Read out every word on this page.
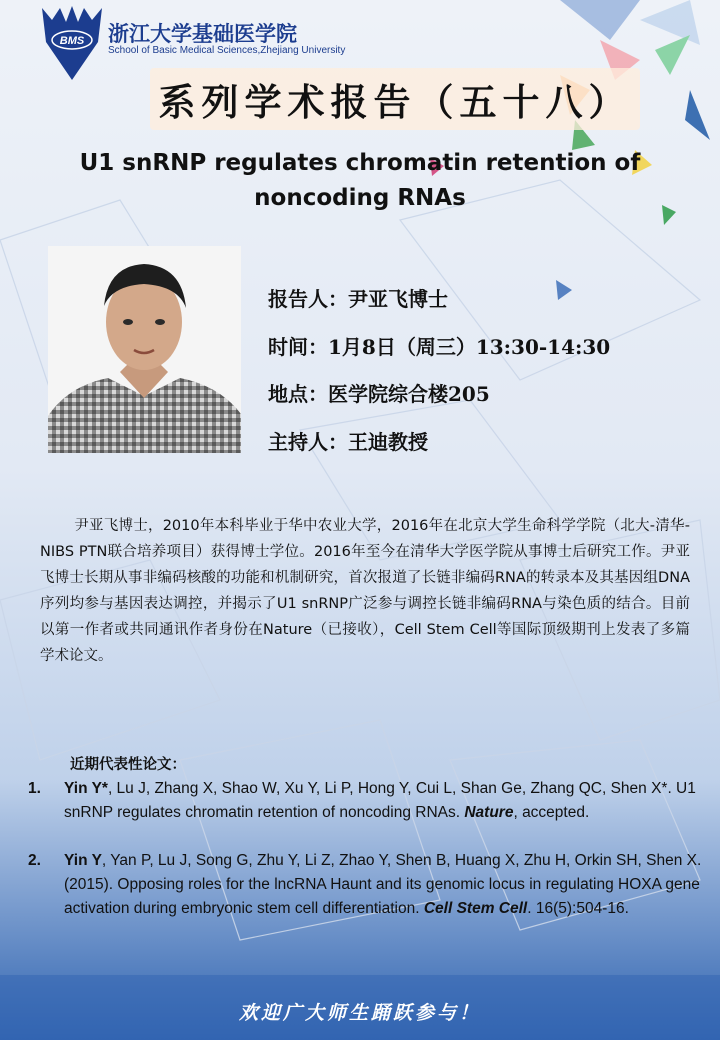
BMS 浙江大学基础医学院
School of Basic Medical Sciences,Zhejiang University
系列学术报告（五十八）
U1 snRNP regulates chromatin retention of
noncoding RNAs
报告人：尹亚飞博士
时间：1月8日（周三）13:30-14:30
地点：医学院综合楼205
主持人：王迪教授
尹亚飞博士，2010年本科毕业于华中农业大学，2016年在北京大学生命科学学院（北大-清华-NIBS PTN联合培养项目）获得博士学位。2016年至今在清华大学医学院从事博士后研究工作。尹亚飞博士长期从事非编码核酸的功能和机制研究，首次报道了长链非编码RNA的转录本及其基因组DNA序列均参与基因表达调控，并揭示了U1 snRNP广泛参与调控长链非编码RNA与染色质的结合。目前以第一作者或共同通讯作者身份在Nature（已接收），Cell Stem Cell等国际顶级期刊上发表了多篇学术论文。
近期代表性论文：
1. Yin Y*, Lu J, Zhang X, Shao W, Xu Y, Li P, Hong Y, Cui L, Shan Ge, Zhang QC, Shen X*. U1 snRNP regulates chromatin retention of noncoding RNAs. Nature, accepted.
2. Yin Y, Yan P, Lu J, Song G, Zhu Y, Li Z, Zhao Y, Shen B, Huang X, Zhu H, Orkin SH, Shen X. (2015). Opposing roles for the lncRNA Haunt and its genomic locus in regulating HOXA gene activation during embryonic stem cell differentiation. Cell Stem Cell. 16(5):504-16.
欢迎广大师生踊跃参与！
